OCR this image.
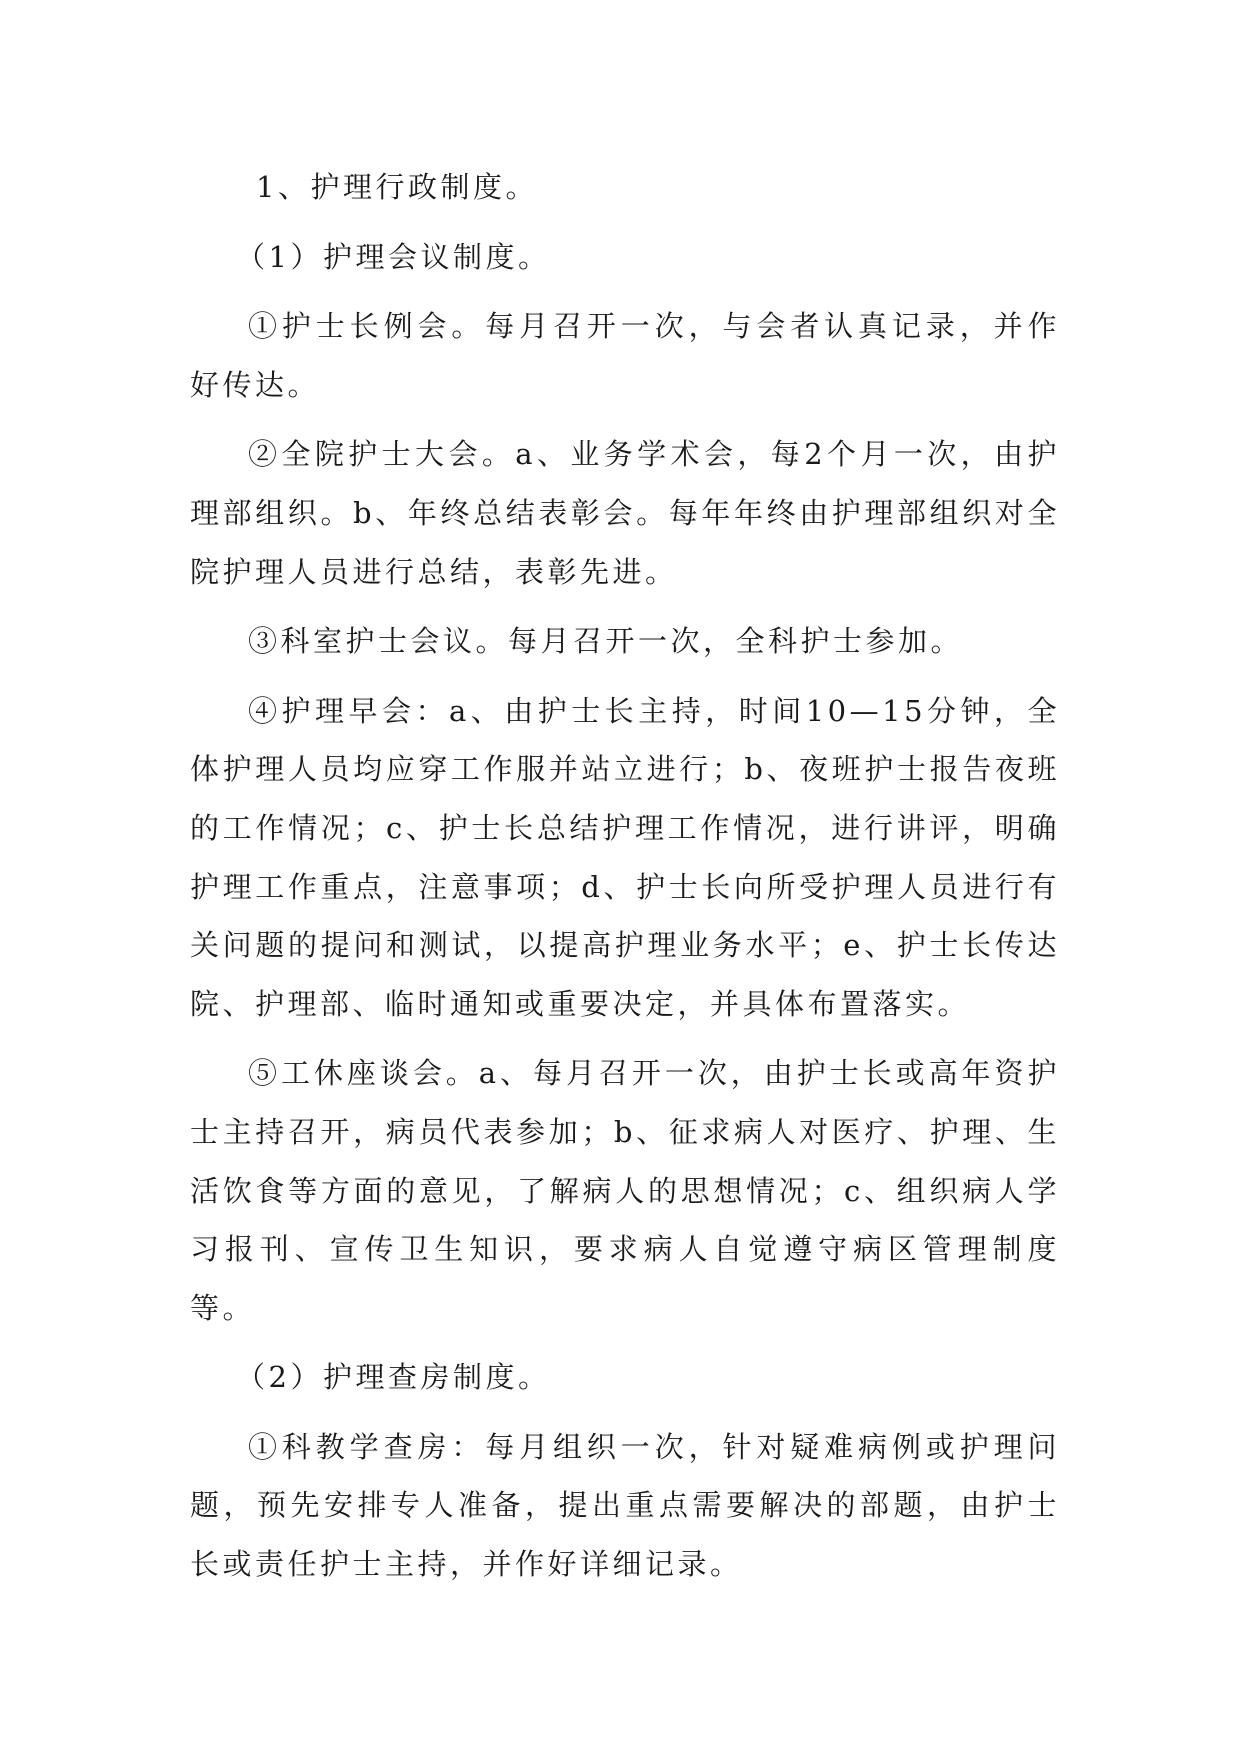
1、护理行政制度。

（1）护理会议制度。

①护士长例会。每月召开一次，与会者认真记录，并作好传达。

②全院护士大会。a、业务学术会，每2个月一次，由护理部组织。b、年终总结表彰会。每年年终由护理部组织对全院护理人员进行总结，表彰先进。

③科室护士会议。每月召开一次，全科护士参加。

④护理早会：a、由护士长主持，时间10—15分钟，全体护理人员均应穿工作服并站立进行；b、夜班护士报告夜班的工作情况；c、护士长总结护理工作情况，进行讲评，明确护理工作重点，注意事项；d、护士长向所受护理人员进行有关问题的提问和测试，以提高护理业务水平；e、护士长传达院、护理部、临时通知或重要决定，并具体布置落实。

⑤工休座谈会。a、每月召开一次，由护士长或高年资护士主持召开，病员代表参加；b、征求病人对医疗、护理、生活饮食等方面的意见，了解病人的思想情况；c、组织病人学习报刊、宣传卫生知识，要求病人自觉遵守病区管理制度等。

（2）护理查房制度。

①科教学查房：每月组织一次，针对疑难病例或护理问题，预先安排专人准备，提出重点需要解决的部题，由护士长或责任护士主持，并作好详细记录。
